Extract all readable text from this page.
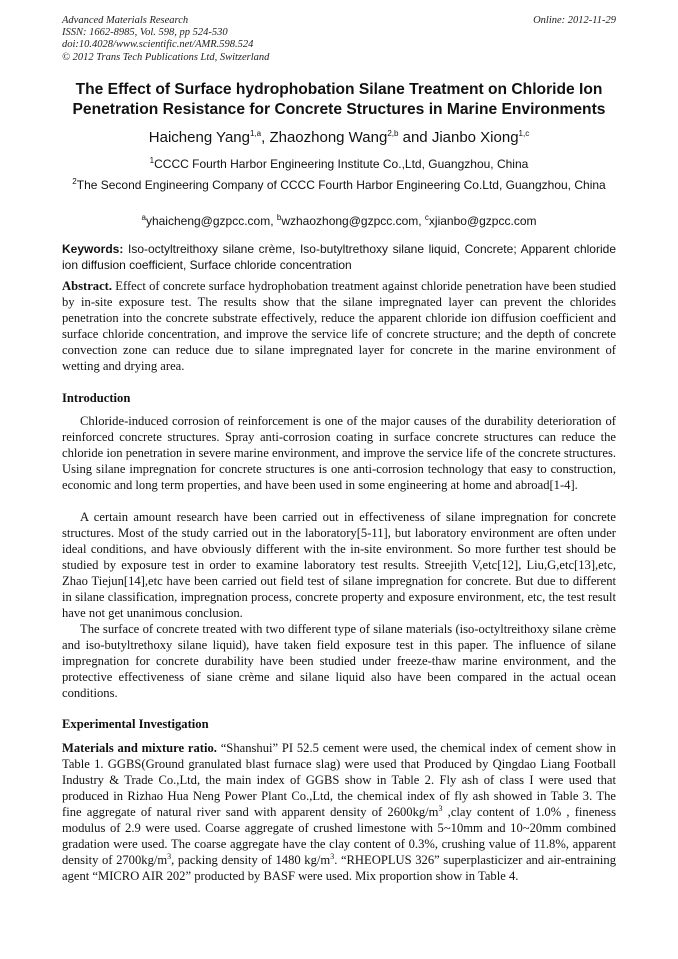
Advanced Materials Research
ISSN: 1662-8985, Vol. 598, pp 524-530
doi:10.4028/www.scientific.net/AMR.598.524
© 2012 Trans Tech Publications Ltd, Switzerland
Online: 2012-11-29
The Effect of Surface hydrophobation Silane Treatment on Chloride Ion Penetration Resistance for Concrete Structures in Marine Environments
Haicheng Yang$^{1,a}$, Zhaozhong Wang$^{2,b}$ and Jianbo Xiong$^{1,c}$
$^1$CCCC Fourth Harbor Engineering Institute Co.,Ltd, Guangzhou, China
$^2$The Second Engineering Company of CCCC Fourth Harbor Engineering Co.Ltd, Guangzhou, China
$^a$yhaicheng@gzpcc.com, $^b$wzhaozhong@gzpcc.com, $^c$xjianbo@gzpcc.com
Keywords: Iso-octyltreithoxy silane crème, Iso-butyltrethoxy silane liquid, Concrete; Apparent chloride ion diffusion coefficient, Surface chloride concentration

Abstract. Effect of concrete surface hydrophobation treatment against chloride penetration have been studied by in-site exposure test. The results show that the silane impregnated layer can prevent the chlorides penetration into the concrete substrate effectively, reduce the apparent chloride ion diffusion coefficient and surface chloride concentration, and improve the service life of concrete structure; and the depth of concrete convection zone can reduce due to silane impregnated layer for concrete in the marine environment of wetting and drying area.

Introduction

Chloride-induced corrosion of reinforcement is one of the major causes of the durability deterioration of reinforced concrete structures. Spray anti-corrosion coating in surface concrete structures can reduce the chloride ion penetration in severe marine environment, and improve the service life of the concrete structures. Using silane impregnation for concrete structures is one anti-corrosion technology that easy to construction, economic and long term properties, and have been used in some engineering at home and abroad[1-4].

A certain amount research have been carried out in effectiveness of silane impregnation for concrete structures. Most of the study carried out in the laboratory[5-11], but laboratory environment are often under ideal conditions, and have obviously different with the in-site environment. So more further test should be studied by exposure test in order to examine laboratory test results. Streejith V,etc[12], Liu,G,etc[13],etc, Zhao Tiejun[14],etc have been carried out field test of silane impregnation for concrete. But due to different in silane classification, impregnation process, concrete property and exposure environment, etc, the test result have not get unanimous conclusion.

The surface of concrete treated with two different type of silane materials (iso-octyltreithoxy silane crème and iso-butyltrethoxy silane liquid), have taken field exposure test in this paper. The influence of silane impregnation for concrete durability have been studied under freeze-thaw marine environment, and the protective effectiveness of siane crème and silane liquid also have been compared in the actual ocean conditions.

Experimental Investigation

Materials and mixture ratio. “Shanshui” PI 52.5 cement were used, the chemical index of cement show in Table 1. GGBS(Ground granulated blast furnace slag) were used that Produced by Qingdao Liang Football Industry & Trade Co.,Ltd, the main index of GGBS show in Table 2. Fly ash of class I were used that produced in Rizhao Hua Neng Power Plant Co.,Ltd, the chemical index of fly ash showed in Table 3. The fine aggregate of natural river sand with apparent density of $2600kg/m^3$ ,clay content of 1.0% , fineness modulus of 2.9 were used. Coarse aggregate of crushed limestone with 5~10mm and 10~20mm combined gradation were used. The coarse aggregate have the clay content of 0.3%, crushing value of 11.8%, apparent density of $2700kg/m^3$, packing density of 1480 $kg/m^3$. “RHEOPLUS 326” superplasticizer and air-entraining agent “MICRO AIR 202” producted by BASF were used. Mix proportion show in Table 4.
